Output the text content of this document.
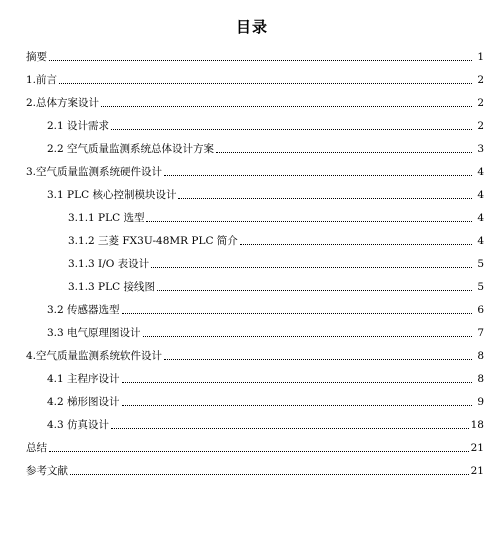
目录
摘要	1
1.前言	2
2.总体方案设计	2
2.1 设计需求	2
2.2 空气质量监测系统总体设计方案	3
3.空气质量监测系统硬件设计	4
3.1 PLC 核心控制模块设计	4
3.1.1 PLC 选型	4
3.1.2 三菱 FX3U-48MR PLC 简介	4
3.1.3 I/O 表设计	5
3.1.3 PLC 接线图	5
3.2 传感器选型	6
3.3 电气原理图设计	7
4.空气质量监测系统软件设计	8
4.1 主程序设计	8
4.2 梯形图设计	9
4.3 仿真设计	18
总结	21
参考文献	21
